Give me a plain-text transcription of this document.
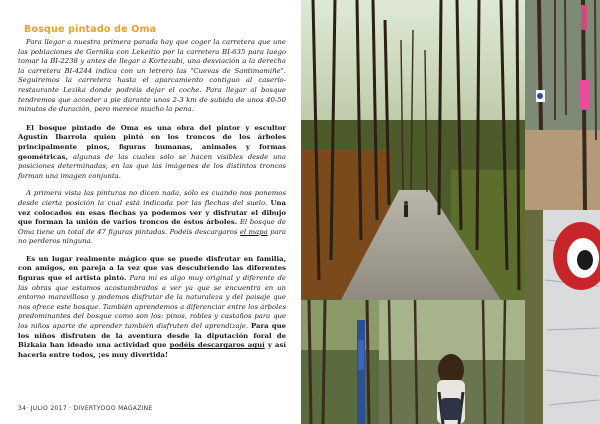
Bosque pintado de Oma

Para llegar a nuestra primera parada hay que coger la carretera que une las poblaciones de Gernika con Lekeitio por la carretera BI-635 para luego tomar la BI-2238 y antes de llegar a Kortezubi, una desviación a la derecha la carretera BI-4244 indica con un letrero las "Cuevas de Santimamiñe". Seguiremos la carretera hasta el aparcamiento contiguo al caserío-restaurante Lezika donde podréis dejar el coche. Para llegar al bosque tendremos que acceder a pie durante unos 2-3 km de subida de unos 40-50 minutos de duración, pero merece mucho la pena.

El bosque pintado de Oma es una obra del pintor y escultor Agustín Ibarrola quien pintó en los troncos de los árboles principalmente pinos, figuras humanas, animales y formas geométricas, algunas de las cuales sólo se hacen visibles desde una posiciones determinadas, en las que las imágenes de los distintos troncos forman una imagen conjunta.

A primera vista las pinturas no dicen nada, sólo es cuando nos ponemos desde cierta posición la cual está indicada por las flechas del suelo. Una vez colocados en esas flechas ya podemos ver y disfrutar el dibujo que forman la unión de varios troncos de éstos árboles. El bosque de Oma tiene un total de 47 figuras pintadas. Podéis descargaros el mapa para no perderos ninguna.

Es un lugar realmente mágico que se puede disfrutar en familia, con amigos, en pareja a la vez que vas descubriendo las diferentes figuras que el artista pintó. Para mí es algo muy original y diferente de las obras que estamos acostumbrados a ver ya que se encuentra en un entorno maravilloso y podemos disfrutar de la naturaleza y del paisaje que nos ofrece este bosque. También aprendemos a diferenciar entre los árboles predominantes del bosque como son los: pinos, robles y castaños para que los niños aparte de aprender también disfruten del aprendizaje. Para que los niños disfruten de la aventura desde la diputación foral de Bizkaia han ideado una actividad que podéis descargaros aquí y así hacerla entre todos, ¡es muy divertida!

34· JULIO 2017 · DIVERTYDOO MAGAZINE
